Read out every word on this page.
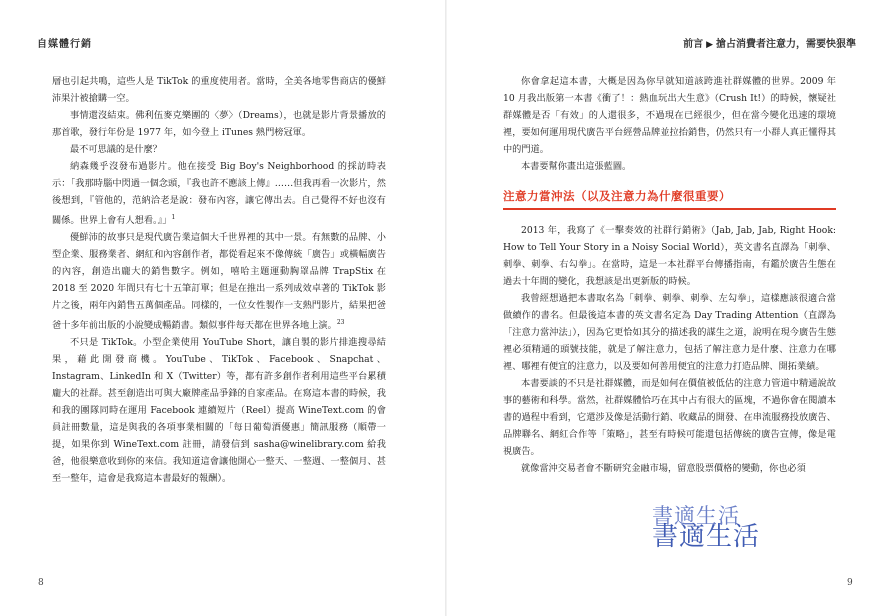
自媒體行銷	前言 ▶ 搶占消費者注意力，需要快狠準

層也引起共鳴，這些人是 TikTok 的重度使用者。當時，全美各地零售商店的優鮮沛果汁被搶購一空。

事情還沒結束。佛利伍麥克樂團的〈夢〉（Dreams），也就是影片背景播放的那首歌，發行年份是 1977 年，如今登上 iTunes 熱門榜冠軍。

最不可思議的是什麼？

納森幾乎沒發布過影片。他在接受 Big Boy's Neighborhood 的採訪時表示：「我那時腦中閃過一個念頭，『我也許不應該上傳』……但我再看一次影片，然後想到，『管他的，范納洽老是說：發布內容，讓它傳出去。自己覺得不好也沒有關係。世界上會有人想看。』」$^1$

優鮮沛的故事只是現代廣告業這個大千世界裡的其中一景。有無數的品牌、小型企業、服務業者、網紅和內容創作者，都從看起來不像傳統「廣告」或橫幅廣告的內容，創造出龐大的銷售數字。例如，嘻哈主題運動胸罩品牌 TrapStix 在 2018 至 2020 年間只有七十五筆訂單；但是在推出一系列成效卓著的 TikTok 影片之後，兩年內銷售五萬個產品。同樣的，一位女性製作一支熱門影片，結果把爸爸十多年前出版的小說變成暢銷書。類似事件每天都在世界各地上演。$^{23}$

不只是 TikTok。小型企業使用 YouTube Short，讓自製的影片排進搜尋結果，藉此開發商機。YouTube、TikTok、Facebook、Snapchat、Instagram、LinkedIn 和 X（Twitter）等，都有許多創作者利用這些平台累積龐大的社群。甚至創造出可與大廠牌產品爭鋒的自家產品。在寫這本書的時候，我和我的團隊同時在運用 Facebook 連續短片（Reel）提高 WineText.com 的會員註冊數量，這是與我的各項事業相關的「每日葡萄酒優惠」簡訊服務（順帶一提，如果你到 WineText.com 註冊，請發信到 sasha@winelibrary.com 給我爸，他很樂意收到你的來信。我知道這會讓他開心一整天、一整週、一整個月、甚至一整年，這會是我寫這本書最好的報酬）。

8

你會拿起這本書，大概是因為你早就知道該跨進社群媒體的世界。2009 年 10 月我出版第一本書《衝了！：熱血玩出大生意》（Crush It!）的時候，懷疑社群媒體是否「有效」的人還很多，不過現在已經很少，但在當今變化迅速的環境裡，要如何運用現代廣告平台經營品牌並拉抬銷售，仍然只有一小群人真正懂得其中的門道。

本書要幫你畫出這張藍圖。

注意力當沖法（以及注意力為什麼很重要）

2013 年，我寫了《一擊奏效的社群行銷術》（Jab, Jab, Jab, Right Hook: How to Tell Your Story in a Noisy Social World），英文書名直譯為「刺拳、刺拳、刺拳、右勾拳」。在當時，這是一本社群平台傳播指南，有鑑於廣告生態在過去十年間的變化，我想該是出更新版的時候。

我曾經想過把本書取名為「刺拳、刺拳、刺拳、左勾拳」，這樣應該很適合當做續作的書名。但最後這本書的英文書名定為 Day Trading Attention（直譯為「注意力當沖法」），因為它更恰如其分的描述我的謀生之道，說明在現今廣告生態裡必須精通的頭號技能，就是了解注意力，包括了解注意力是什麼、注意力在哪裡、哪裡有便宜的注意力，以及要如何善用便宜的注意力打造品牌、開拓業績。

本書要談的不只是社群媒體，而是如何在價值被低估的注意力管道中精通說故事的藝術和科學。當然，社群媒體恰巧在其中占有很大的區塊，不過你會在閱讀本書的過程中看到，它還涉及像是活動行銷、收藏品的開發、在串流服務投放廣告、品牌聯名、網紅合作等「策略」，甚至有時候可能還包括傳統的廣告宣傳，像是電視廣告。

就像當沖交易者會不斷研究金融市場，留意股票價格的變動，你也必須

9
書適生活
書適生活
